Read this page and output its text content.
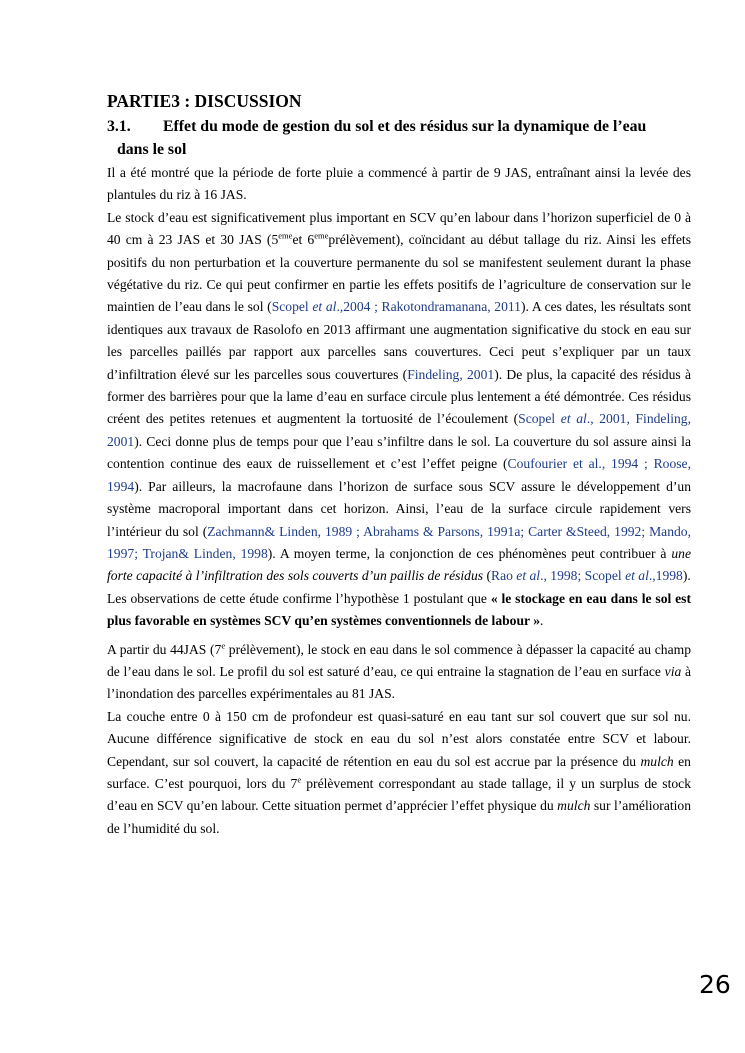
PARTIE3 : DISCUSSION
3.1. Effet du mode de gestion du sol et des résidus sur la dynamique de l’eau
dans le sol

Il a été montré que la période de forte pluie a commencé à partir de 9 JAS, entraînant ainsi la levée des plantules du riz à 16 JAS.

Le stock d’eau est significativement plus important en SCV qu’en labour dans l’horizon superficiel de 0 à 40 cm à 23 JAS et 30 JAS (5emeet 6emeprélèvement), coïncidant au début tallage du riz. Ainsi les effets positifs du non perturbation et la couverture permanente du sol se manifestent seulement durant la phase végétative du riz. Ce qui peut confirmer en partie les effets positifs de l’agriculture de conservation sur le maintien de l’eau dans le sol (Scopel et al.,2004 ; Rakotondramanana, 2011). A ces dates, les résultats sont identiques aux travaux de Rasolofo en 2013 affirmant une augmentation significative du stock en eau sur les parcelles paillés par rapport aux parcelles sans couvertures. Ceci peut s’expliquer par un taux d’infiltration élevé sur les parcelles sous couvertures (Findeling, 2001). De plus, la capacité des résidus à former des barrières pour que la lame d’eau en surface circule plus lentement a été démontrée. Ces résidus créent des petites retenues et augmentent la tortuosité de l’écoulement (Scopel et al., 2001, Findeling, 2001). Ceci donne plus de temps pour que l’eau s’infiltre dans le sol. La couverture du sol assure ainsi la contention continue des eaux de ruissellement et c’est l’effet peigne (Coufourier et al., 1994 ; Roose, 1994). Par ailleurs, la macrofaune dans l’horizon de surface sous SCV assure le développement d’un système macroporal important dans cet horizon. Ainsi, l’eau de la surface circule rapidement vers l’intérieur du sol (Zachmann& Linden, 1989 ; Abrahams & Parsons, 1991a; Carter &Steed, 1992; Mando, 1997; Trojan& Linden, 1998). A moyen terme, la conjonction de ces phénomènes peut contribuer à une forte capacité à l’infiltration des sols couverts d’un paillis de résidus (Rao et al., 1998; Scopel et al.,1998).

Les observations de cette étude confirme l’hypothèse 1 postulant que « le stockage en eau dans le sol est plus favorable en systèmes SCV qu’en systèmes conventionnels de labour ».

A partir du 44JAS (7e prélèvement), le stock en eau dans le sol commence à dépasser la capacité au champ de l’eau dans le sol. Le profil du sol est saturé d’eau, ce qui entraine la stagnation de l’eau en surface via à l’inondation des parcelles expérimentales au 81 JAS.

La couche entre 0 à 150 cm de profondeur est quasi-saturé en eau tant sur sol couvert que sur sol nu. Aucune différence significative de stock en eau du sol n’est alors constatée entre SCV et labour. Cependant, sur sol couvert, la capacité de rétention en eau du sol est accrue par la présence du mulch en surface. C’est pourquoi, lors du 7e prélèvement correspondant au stade tallage, il y un surplus de stock d’eau en SCV qu’en labour. Cette situation permet d’apprécier l’effet physique du mulch sur l’amélioration de l’humidité du sol.

26
